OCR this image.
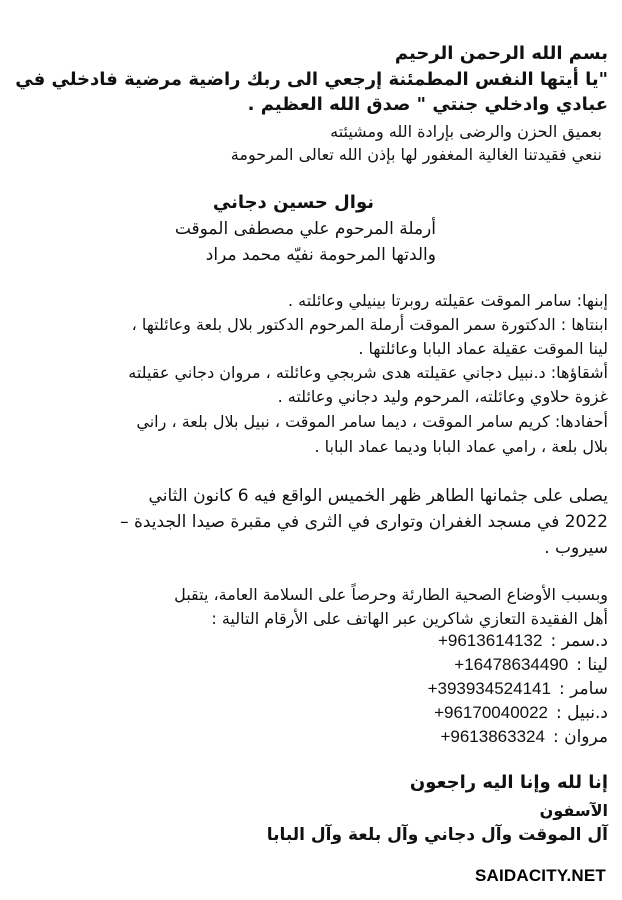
بسم الله الرحمن الرحيم
"يا أيتها النفس المطمئنة إرجعي الى ربك راضية مرضية فادخلي في
عبادي وادخلي جنتي " صدق الله العظيم .
بعميق الحزن والرضى بإرادة الله ومشيئته
ننعي فقيدتنا الغالية المغفور لها بإذن الله تعالى المرحومة
نوال حسين دجاني
أرملة المرحوم علي مصطفى الموقت
والدتها المرحومة نفيّه محمد مراد
إبنها: سامر الموقت عقيلته روبرتا بينيلي وعائلته .
ابنتاها : الدكتورة سمر الموقت أرملة المرحوم الدكتور بلال بلعة وعائلتها ،
لينا الموقت عقيلة عماد البابا وعائلتها .
أشقاؤها: د.نبيل دجاني عقيلته هدى شربجي وعائلته ، مروان دجاني عقيلته
غزوة حلاوي وعائلته، المرحوم وليد دجاني وعائلته .
أحفادها: كريم سامر الموقت ، ديما سامر الموقت ، نبيل بلال بلعة ، راني
بلال بلعة ، رامي عماد البابا وديما عماد البابا .
يصلى على جثمانها الطاهر ظهر الخميس الواقع فيه 6 كانون الثاني
2022 في مسجد الغفران وتوارى في الثرى في مقبرة صيدا الجديدة –
سيروب .
وبسبب الأوضاع الصحية الطارئة وحرصاً على السلامة العامة، يتقبل
أهل الفقيدة التعازي شاكرين عبر الهاتف على الأرقام التالية :
د.سمر :
+9613614132
لينا :
+16478634490
سامر :
+393934524141
د.نبيل :
+96170040022
مروان :
+9613863324
إنا لله وإنا اليه راجعون
الآسفون
آل الموقت وآل دجاني وآل بلعة وآل البابا
SAIDACITY.NET
